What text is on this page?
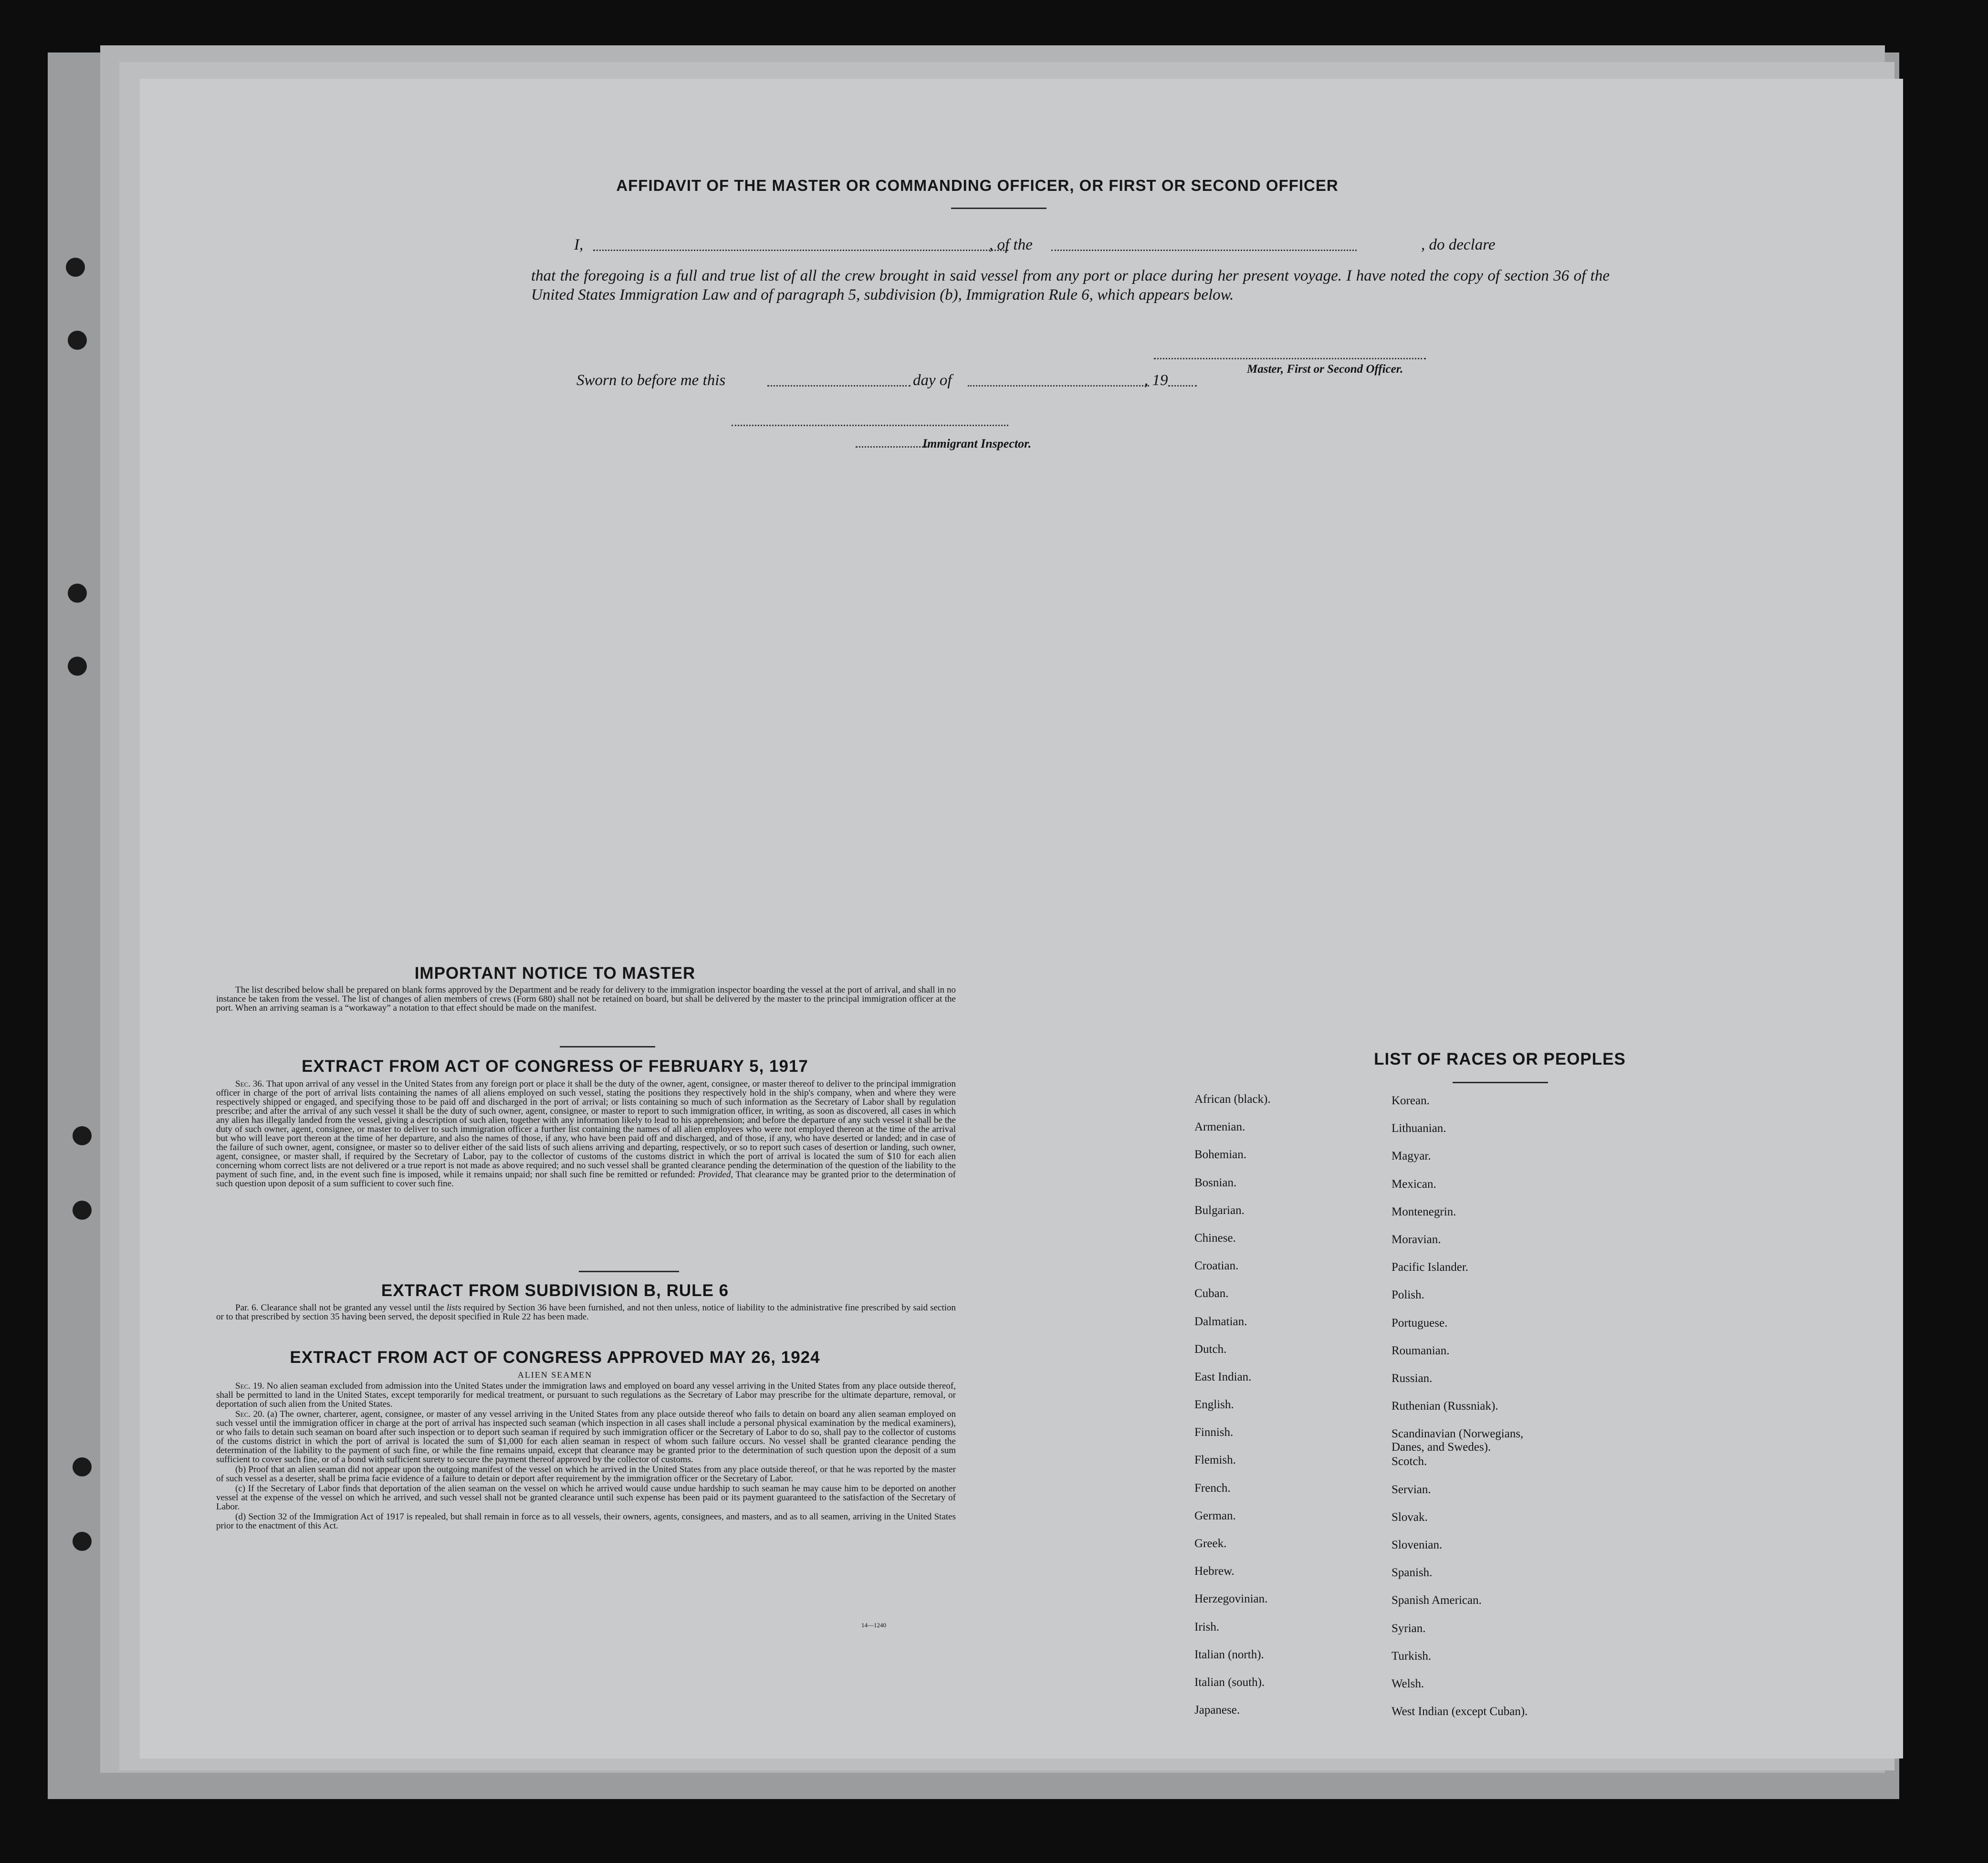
AFFIDAVIT OF THE MASTER OR COMMANDING OFFICER, OR FIRST OR SECOND OFFICER
I,	, of the	, do declare
that the foregoing is a full and true list of all the crew brought in said vessel from any port or place during her present voyage. I have noted the copy of section 36 of the United States Immigration Law and of paragraph 5, subdivision (b), Immigration Rule 6, which appears below.
Master, First or Second Officer.
Sworn to before me this	day of	, 19
Immigrant Inspector.
IMPORTANT NOTICE TO MASTER
The list described below shall be prepared on blank forms approved by the Department and be ready for delivery to the immigration inspector boarding the vessel at the port of arrival, and shall in no instance be taken from the vessel. The list of changes of alien members of crews (Form 680) shall not be retained on board, but shall be delivered by the master to the principal immigration officer at the port. When an arriving seaman is a “workaway” a notation to that effect should be made on the manifest.
EXTRACT FROM ACT OF CONGRESS OF FEBRUARY 5, 1917

Sec. 36. That upon arrival of any vessel in the United States from any foreign port or place it shall be the duty of the owner, agent, consignee, or master thereof to deliver to the principal immigration officer in charge of the port of arrival lists containing the names of all aliens employed on such vessel, stating the positions they respectively hold in the ship's company, when and where they were respectively shipped or engaged, and specifying those to be paid off and discharged in the port of arrival; or lists containing so much of such information as the Secretary of Labor shall by regulation prescribe; and after the arrival of any such vessel it shall be the duty of such owner, agent, consignee, or master to report to such immigration officer, in writing, as soon as discovered, all cases in which any alien has illegally landed from the vessel, giving a description of such alien, together with any information likely to lead to his apprehension; and before the departure of any such vessel it shall be the duty of such owner, agent, consignee, or master to deliver to such immigration officer a further list containing the names of all alien employees who were not employed thereon at the time of the arrival but who will leave port thereon at the time of her departure, and also the names of those, if any, who have been paid off and discharged, and of those, if any, who have deserted or landed; and in case of the failure of such owner, agent, consignee, or master so to deliver either of the said lists of such aliens arriving and departing, respectively, or so to report such cases of desertion or landing, such owner, agent, consignee, or master shall, if required by the Secretary of Labor, pay to the collector of customs of the customs district in which the port of arrival is located the sum of $10 for each alien concerning whom correct lists are not delivered or a true report is not made as above required; and no such vessel shall be granted clearance pending the determination of the question of the liability to the payment of such fine, and, in the event such fine is imposed, while it remains unpaid; nor shall such fine be remitted or refunded: Provided, That clearance may be granted prior to the determination of such question upon deposit of a sum sufficient to cover such fine.

EXTRACT FROM SUBDIVISION B, RULE 6

Par. 6. Clearance shall not be granted any vessel until the lists required by Section 36 have been furnished, and not then unless, notice of liability to the administrative fine prescribed by said section or to that prescribed by section 35 having been served, the deposit specified in Rule 22 has been made.

EXTRACT FROM ACT OF CONGRESS APPROVED MAY 26, 1924
ALIEN SEAMEN

Sec. 19. No alien seaman excluded from admission into the United States under the immigration laws and employed on board any vessel arriving in the United States from any place outside thereof, shall be permitted to land in the United States, except temporarily for medical treatment, or pursuant to such regulations as the Secretary of Labor may prescribe for the ultimate departure, removal, or deportation of such alien from the United States.

Sec. 20. (a) The owner, charterer, agent, consignee, or master of any vessel arriving in the United States from any place outside thereof who fails to detain on board any alien seaman employed on such vessel until the immigration officer in charge at the port of arrival has inspected such seaman (which inspection in all cases shall include a personal physical examination by the medical examiners), or who fails to detain such seaman on board after such inspection or to deport such seaman if required by such immigration officer or the Secretary of Labor to do so, shall pay to the collector of customs of the customs district in which the port of arrival is located the sum of $1,000 for each alien seaman in respect of whom such failure occurs. No vessel shall be granted clearance pending the determination of the liability to the payment of such fine, or while the fine remains unpaid, except that clearance may be granted prior to the determination of such question upon the deposit of a sum sufficient to cover such fine, or of a bond with sufficient surety to secure the payment thereof approved by the collector of customs.

(b) Proof that an alien seaman did not appear upon the outgoing manifest of the vessel on which he arrived in the United States from any place outside thereof, or that he was reported by the master of such vessel as a deserter, shall be prima facie evidence of a failure to detain or deport after requirement by the immigration officer or the Secretary of Labor.

(c) If the Secretary of Labor finds that deportation of the alien seaman on the vessel on which he arrived would cause undue hardship to such seaman he may cause him to be deported on another vessel at the expense of the vessel on which he arrived, and such vessel shall not be granted clearance until such expense has been paid or its payment guaranteed to the satisfaction of the Secretary of Labor.

(d) Section 32 of the Immigration Act of 1917 is repealed, but shall remain in force as to all vessels, their owners, agents, consignees, and masters, and as to all seamen, arriving in the United States prior to the enactment of this Act.

14—1240
LIST OF RACES OR PEOPLES
African (black).
Armenian.
Bohemian.
Bosnian.
Bulgarian.
Chinese.
Croatian.
Cuban.
Dalmatian.
Dutch.
East Indian.
English.
Finnish.
Flemish.
French.
German.
Greek.
Hebrew.
Herzegovinian.
Irish.
Italian (north).
Italian (south).
Japanese.
Korean.
Lithuanian.
Magyar.
Mexican.
Montenegrin.
Moravian.
Pacific Islander.
Polish.
Portuguese.
Roumanian.
Russian.
Ruthenian (Russniak).
Scandinavian (Norwegians,
Danes, and Swedes).
Scotch.
Servian.
Slovak.
Slovenian.
Spanish.
Spanish American.
Syrian.
Turkish.
Welsh.
West Indian (except Cuban).
